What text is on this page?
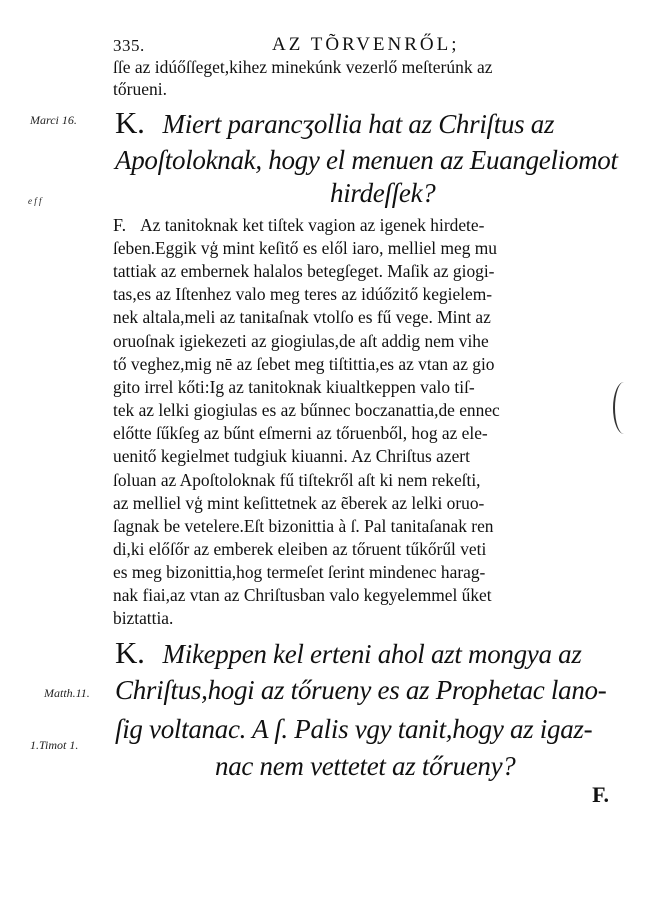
335.	AZ TÕRVENRŐL;
ſſe az idúőſſeget,kihez minekúnk vezerlő meſterúnk az
tőrueni.
Marci 16.
e f f
K. Miert parancʒollia hat az Chriſtus az
Apoſtoloknak, hogy el menuen az Euangeliomot
hirdeſſek?
F. Az tanitoknak ket tiſtek vagion az igenek hirdete-
ſeben.Eggik vģ mint keſitő es elől iaro, melliel meg mu
tattiak az embernek halalos betegſeget. Maſik az giogi-
tas,es az Iſtenhez valo meg teres az idúőzitő kegielem-
nek altala,meli az taniȶaſnak vtolſo es fű vege. Mint az
oruoſnak igiekezeti az giogiulas,de aſt addig nem vihe
tő veghez,mig nē az ſebet meg tiſtittia,es az vtan az gio
gito irrel kőti:Ig az tanitoknak kiualtkeppen valo tiſ-
tek az lelki giogiulas es az bűnnec boczanattia,de ennec
előtte ſűkſeg az bűnt eſmerni az tőruenből, hog az ele-
uenitő kegielmet tudgiuk kiuanni. Az Chriſtus azert
ſoluan az Apoſtoloknak fű tiſtekről aſt ki nem rekeſti,
az melliel vģ mint keſittetnek az ẽberek az lelki oruo-
ſagnak be vetelere.Eſt bizonittia à ſ. Pal tanitaſanak ren
di,ki előſőr az emberek eleiben az tőruent tűkőrűl veti
es meg bizonittia,hog termeſet ſerint mindenec harag-
nak fiai,az vtan az Chriſtusban valo kegyelemmel űket
biztattia.
Matth.11.
1.Timot 1.
K. Mikeppen kel erteni ahol azt mongya az
Chriſtus,hogi az tőrueny es az Prophetac lano-
ſig voltanac. A ſ. Palis vgy tanit,hogy az igaz-
nac nem vettetet az tőrueny?
F.
